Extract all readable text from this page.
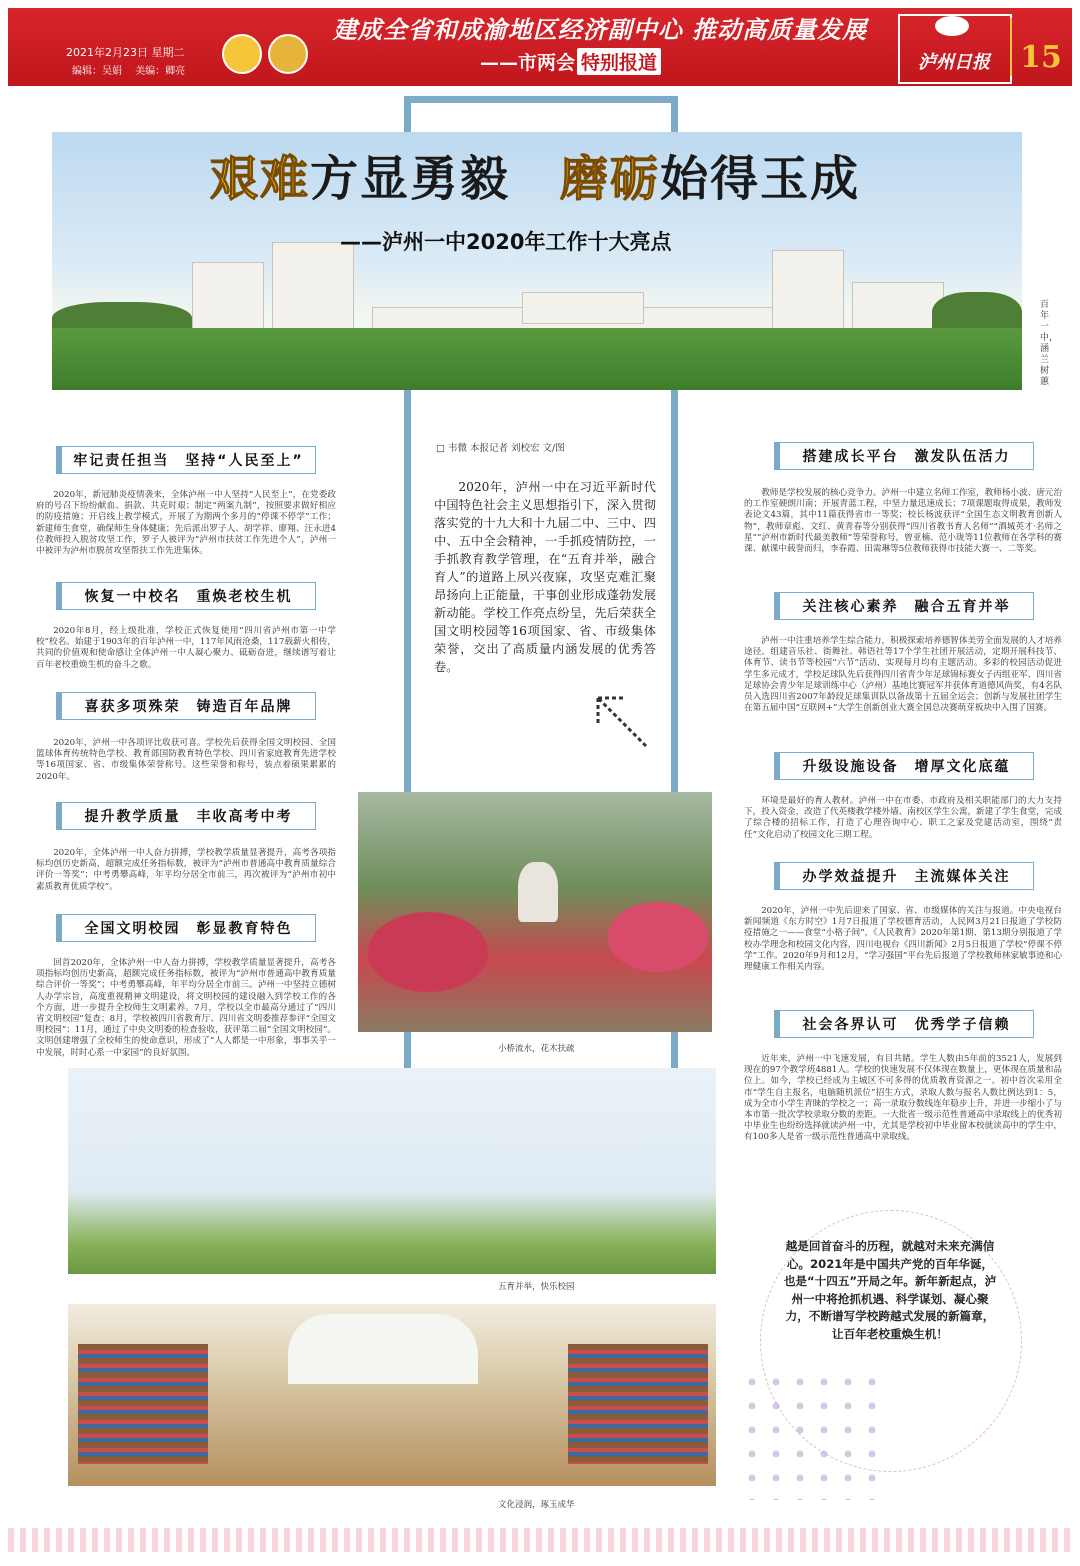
建成全省和成渝地区经济副中心 推动高质量发展
——市两会 特别报道
2021年2月23日 星期二
编辑：吴娟　 美编：卿亮	泸州日报	15
艰难方显勇毅　 磨砺始得玉成
——泸州一中2020年工作十大亮点
百年一中，涵兰树蕙
牢记责任担当　坚持“人民至上”
2020年，新冠肺炎疫情袭来，全体泸州一中人坚持“人民至上”，在党委政府的号召下纷纷献血、捐款、共克时艰；制定“两案九制”，按照要求做好相应的防疫措施；开启线上教学模式，开展了为期两个多月的“停课不停学”工作；新建师生食堂，确保师生身体健康；先后派出罗子人、胡学祥、廖翔、汪永进4位教师投入脱贫攻坚工作，罗子人被评为“泸州市扶贫工作先进个人”，泸州一中被评为泸州市脱贫攻坚帮扶工作先进集体。
恢复一中校名　重焕老校生机
2020年8月，经上级批准，学校正式恢复使用“四川省泸州市第一中学校”校名。始建于1903年的百年泸州一中，117年风雨沧桑，117载薪火相传，共同的价值观和使命感让全体泸州一中人凝心聚力、砥砺奋进，继续谱写着让百年老校重焕生机的奋斗之歌。
喜获多项殊荣　铸造百年品牌
2020年，泸州一中各项评比收获可喜。学校先后获得全国文明校园、全国篮球体育传统特色学校、教育部国防教育特色学校、四川省家庭教育先进学校等16项国家、省、市级集体荣誉称号。这些荣誉和称号，装点着硕果累累的2020年。
提升教学质量　丰收高考中考
2020年，全体泸州一中人奋力拼搏，学校教学质量显著提升，高考各项指标均创历史新高，超额完成任务指标数，被评为“泸州市普通高中教育质量综合评价一等奖”；中考勇攀高峰，年平均分居全市前三，再次被评为“泸州市初中素质教育优质学校”。
全国文明校园　彰显教育特色
回首2020年，全体泸州一中人奋力拼搏，学校教学质量显著提升，高考各项指标均创历史新高，超额完成任务指标数，被评为“泸州市普通高中教育质量综合评价一等奖”；中考勇攀高峰，年平均分居全市前三。泸州一中坚持立德树人办学宗旨，高度重视精神文明建设，将文明校园的建设融入到学校工作的各个方面，进一步提升全校师生文明素养。7月，学校以全市最高分通过了“四川省文明校园”复查；8月，学校被四川省教育厅、四川省文明委推荐参评“全国文明校园”；11月，通过了中央文明委的检查验收，获评第二届“全国文明校园”。文明创建增强了全校师生的使命意识，形成了“人人都是一中形象，事事关乎一中发展，时时心系一中家园”的良好氛围。
□ 韦微 本报记者 刘校宏 文/图
2020年，泸州一中在习近平新时代中国特色社会主义思想指引下，深入贯彻落实党的十九大和十九届二中、三中、四中、五中全会精神，一手抓疫情防控，一手抓教育教学管理，在“五育并举，融合育人”的道路上夙兴夜寐，攻坚克难汇聚昂扬向上正能量，干事创业形成蓬勃发展新动能。学校工作亮点纷呈，先后荣获全国文明校园等16项国家、省、市级集体荣誉，交出了高质量内涵发展的优秀答卷。
小桥流水，花木扶疏
五育并举，快乐校园
文化浸润，琢玉成华
搭建成长平台　激发队伍活力
教师是学校发展的核心竞争力。泸州一中建立名师工作室，教师杨小波、唐元治的工作室硬朗川南；开展青蓝工程，中坚力量迅速成长；7项课题取得成果，教师发表论文43篇，其中11篇获得省市一等奖；校长杨波获评“全国生态文明教育创新人物”，教师章彪、文红、黄青春等分别获得“四川省教书育人名师”“酒城英才·名师之星”“泸州市新时代最美教师”等荣誉称号，曾亚楠、范小珑等11位教师在各学科的赛课、献课中载誉而归，李春霞、田需琳等5位教师获得市技能大赛一、二等奖。
关注核心素养　融合五育并举
泸州一中注重培养学生综合能力，积极探索培养德智体美劳全面发展的人才培养途径。组建音乐社、街舞社、韩语社等17个学生社团开展活动，定期开展科技节、体育节、读书节等校园“六节”活动，实现每月均有主题活动。多彩的校园活动促进学生多元成才，学校足球队先后获得四川省青少年足球锦标赛女子丙组亚军、四川省足球协会青少年足球训练中心（泸州）基地比赛冠军并获体育道德风尚奖，有4名队员入选四川省2007年龄段足球集训队以备战第十五届全运会；创新与发展社团学生在第五届中国“互联网+”大学生创新创业大赛全国总决赛萌芽板块中入围了国赛。
升级设施设备　增厚文化底蕴
环境是最好的育人教材。泸州一中在市委、市政府及相关职能部门的大力支持下，投入资金，改造了代英楼教学楼外墙、南校区学生公寓，新建了学生食堂，完成了综合楼的招标工作，打造了心理咨询中心、职工之家及党建活动室，围绕“责任”文化启动了校园文化三期工程。
办学效益提升　主流媒体关注
2020年，泸州一中先后迎来了国家、省、市级媒体的关注与报道。中央电视台新闻频道《东方时空》1月7日报道了学校德育活动，人民网3月21日报道了学校防疫措施之一——食堂“小格子间”，《人民教育》2020年第1期、第13期分别报道了学校办学理念和校园文化内容，四川电视台《四川新闻》2月5日报道了学校“停课不停学”工作。2020年9月和12月，“学习强国”平台先后报道了学校教师林家敏事迹和心理健康工作相关内容。
社会各界认可　优秀学子信赖
近年来，泸州一中飞速发展，有目共睹。学生人数由5年前的3521人，发展到现在的97个教学班4881人。学校的快速发展不仅体现在数量上，更体现在质量和品位上。如今，学校已经成为主城区不可多得的优质教育资源之一。初中首次采用全市“学生自主报名，电脑随机派位”招生方式，录取人数与报名人数比例达到1：5，成为全市小学生青睐的学校之一；高一录取分数线连年稳步上升，并进一步缩小了与本市第一批次学校录取分数的差距。一大批省一级示范性普通高中录取线上的优秀初中毕业生也纷纷选择就读泸州一中，尤其是学校初中毕业留本校就读高中的学生中，有100多人是省一级示范性普通高中录取线。
越是回首奋斗的历程，就越对未来充满信心。2021年是中国共产党的百年华诞，也是“十四五”开局之年。新年新起点，泸州一中将抢抓机遇、科学谋划、凝心聚力，不断谱写学校跨越式发展的新篇章，让百年老校重焕生机！
